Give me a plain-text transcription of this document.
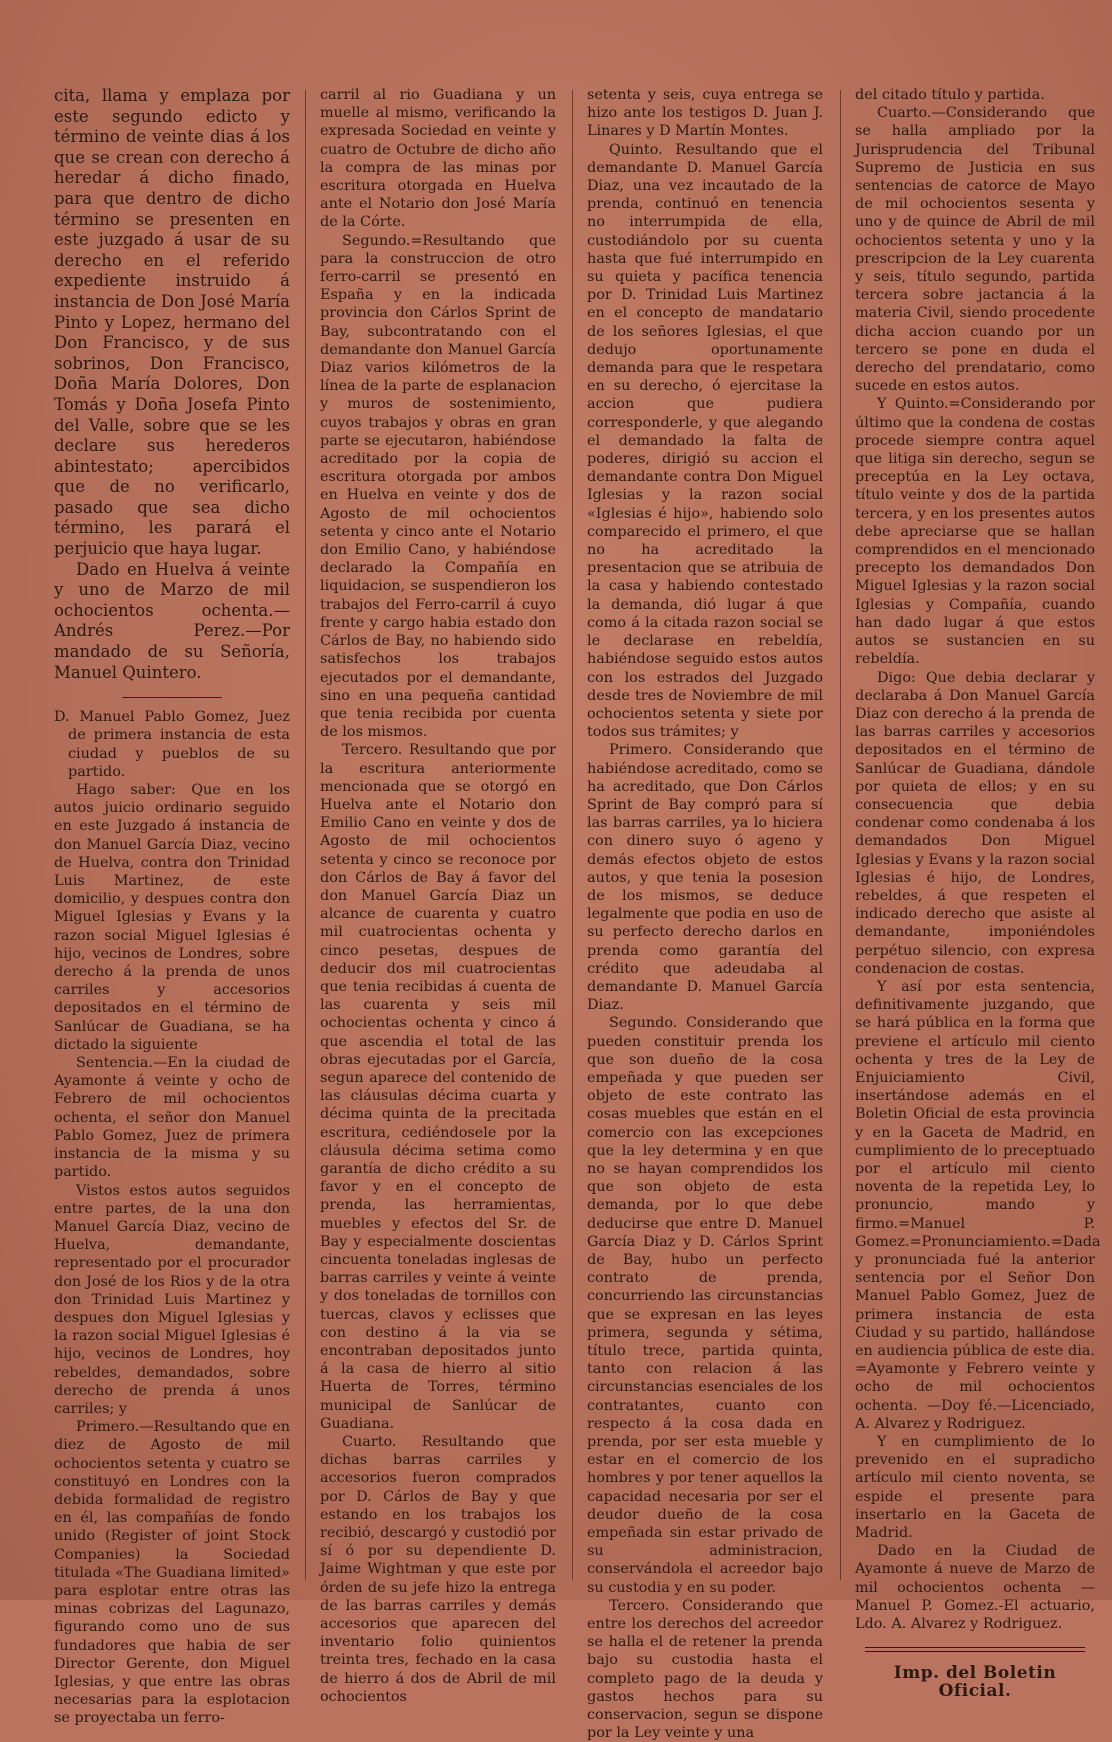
cita, llama y emplaza por este segundo edicto y término de veinte dias á los que se crean con derecho á heredar á dicho finado, para que dentro de dicho término se presenten en este juzgado á usar de su derecho en el referido expediente instruido á instancia de Don José María Pinto y Lopez, hermano del Don Francisco, y de sus sobrinos, Don Francisco, Doña María Dolores, Don Tomás y Doña Josefa Pinto del Valle, sobre que se les declare sus herederos abintestato; apercibidos que de no verificarlo, pasado que sea dicho término, les parará el perjuicio que haya lugar.

Dado en Huelva á veinte y uno de Marzo de mil ochocientos ochenta.—Andrés Perez.—Por mandado de su Señoría, Manuel Quintero.

D. Manuel Pablo Gomez, Juez de primera instancia de esta ciudad y pueblos de su partido.

Hago saber: Que en los autos juicio ordinario seguido en este Juzgado á instancia de don Manuel García Diaz, vecino de Huelva, contra don Trinidad Luis Martinez, de este domicilio, y despues contra don Miguel Iglesias y Evans y la razon social Miguel Iglesias é hijo, vecinos de Londres, sobre derecho á la prenda de unos carriles y accesorios depositados en el término de Sanlúcar de Guadiana, se ha dictado la siguiente

Sentencia.—En la ciudad de Ayamonte á veinte y ocho de Febrero de mil ochocientos ochenta, el señor don Manuel Pablo Gomez, Juez de primera instancia de la misma y su partido.

Vistos estos autos seguidos entre partes, de la una don Manuel García Diaz, vecino de Huelva, demandante, representado por el procurador don José de los Rios y de la otra don Trinidad Luis Martinez y despues don Miguel Iglesias y la razon social Miguel Iglesias é hijo, vecinos de Londres, hoy rebeldes, demandados, sobre derecho de prenda á unos carriles; y

Primero.—Resultando que en diez de Agosto de mil ochocientos setenta y cuatro se constituyó en Londres con la debida formalidad de registro en él, las compañías de fondo unido (Register of joint Stock Companies) la Sociedad titulada «The Guadiana limited» para esplotar entre otras las minas cobrizas del Lagunazo, figurando como uno de sus fundadores que habia de ser Director Gerente, don Miguel Iglesias, y que entre las obras necesarias para la esplotacion se proyectaba un ferro-

carril al rio Guadiana y un muelle al mismo, verificando la expresada Sociedad en veinte y cuatro de Octubre de dicho año la compra de las minas por escritura otorgada en Huelva ante el Notario don José María de la Córte.

Segundo.=Resultando que para la construccion de otro ferro-carril se presentó en España y en la indicada provincia don Cárlos Sprint de Bay, subcontratando con el demandante don Manuel García Diaz varios kilómetros de la línea de la parte de esplanacion y muros de sostenimiento, cuyos trabajos y obras en gran parte se ejecutaron, habiéndose acreditado por la copia de escritura otorgada por ambos en Huelva en veinte y dos de Agosto de mil ochocientos setenta y cinco ante el Notario don Emilio Cano, y habiéndose declarado la Compañía en liquidacion, se suspendieron los trabajos del Ferro-carril á cuyo frente y cargo habia estado don Cárlos de Bay, no habiendo sido satisfechos los trabajos ejecutados por el demandante, sino en una pequeña cantidad que tenia recibida por cuenta de los mismos.

Tercero. Resultando que por la escritura anteriormente mencionada que se otorgó en Huelva ante el Notario don Emilio Cano en veinte y dos de Agosto de mil ochocientos setenta y cinco se reconoce por don Cárlos de Bay á favor del don Manuel García Diaz un alcance de cuarenta y cuatro mil cuatrocientas ochenta y cinco pesetas, despues de deducir dos mil cuatrocientas que tenia recibidas á cuenta de las cuarenta y seis mil ochocientas ochenta y cinco á que ascendia el total de las obras ejecutadas por el García, segun aparece del contenido de las cláusulas décima cuarta y décima quinta de la precitada escritura, cediéndosele por la cláusula décima setima como garantía de dicho crédito a su favor y en el concepto de prenda, las herramientas, muebles y efectos del Sr. de Bay y especialmente doscientas cincuenta toneladas inglesas de barras carriles y veinte á veinte y dos toneladas de tornillos con tuercas, clavos y eclisses que con destino á la via se encontraban depositados junto á la casa de hierro al sitio Huerta de Torres, término municipal de Sanlúcar de Guadiana.

Cuarto. Resultando que dichas barras carriles y accesorios fueron comprados por D. Cárlos de Bay y que estando en los trabajos los recibió, descargó y custodió por sí ó por su dependiente D. Jaime Wightman y que este por órden de su jefe hizo la entrega de las barras carriles y demás accesorios que aparecen del inventario folio quinientos treinta tres, fechado en la casa de hierro á dos de Abril de mil ochocientos

setenta y seis, cuya entrega se hizo ante los testigos D. Juan J. Linares y D Martín Montes.

Quinto. Resultando que el demandante D. Manuel García Diaz, una vez incautado de la prenda, continuó en tenencia no interrumpida de ella, custodiándolo por su cuenta hasta que fué interrumpido en su quieta y pacífica tenencia por D. Trinidad Luis Martinez en el concepto de mandatario de los señores Iglesias, el que dedujo oportunamente demanda para que le respetara en su derecho, ó ejercitase la accion que pudiera corresponderle, y que alegando el demandado la falta de poderes, dirigió su accion el demandante contra Don Miguel Iglesias y la razon social «Iglesias é hijo», habiendo solo comparecido el primero, el que no ha acreditado la presentacion que se atribuia de la casa y habiendo contestado la demanda, dió lugar á que como á la citada razon social se le declarase en rebeldía, habiéndose seguido estos autos con los estrados del Juzgado desde tres de Noviembre de mil ochocientos setenta y siete por todos sus trámites; y

Primero. Considerando que habiéndose acreditado, como se ha acreditado, que Don Cárlos Sprint de Bay compró para sí las barras carriles, ya lo hiciera con dinero suyo ó ageno y demás efectos objeto de estos autos, y que tenia la posesion de los mismos, se deduce legalmente que podia en uso de su perfecto derecho darlos en prenda como garantía del crédito que adeudaba al demandante D. Manuel García Diaz.

Segundo. Considerando que pueden constituir prenda los que son dueño de la cosa empeñada y que pueden ser objeto de este contrato las cosas muebles que están en el comercio con las excepciones que la ley determina y en que no se hayan comprendidos los que son objeto de esta demanda, por lo que debe deducirse que entre D. Manuel García Diaz y D. Cárlos Sprint de Bay, hubo un perfecto contrato de prenda, concurriendo las circunstancias que se expresan en las leyes primera, segunda y sétima, título trece, partida quinta, tanto con relacion á las circunstancias esenciales de los contratantes, cuanto con respecto á la cosa dada en prenda, por ser esta mueble y estar en el comercio de los hombres y por tener aquellos la capacidad necesaria por ser el deudor dueño de la cosa empeñada sin estar privado de su administracion, conservándola el acreedor bajo su custodia y en su poder.

Tercero. Considerando que entre los derechos del acreedor se halla el de retener la prenda bajo su custodia hasta el completo pago de la deuda y gastos hechos para su conservacion, segun se dispone por la Ley veinte y una

del citado título y partida.

Cuarto.—Considerando que se halla ampliado por la Jurisprudencia del Tribunal Supremo de Justicia en sus sentencias de catorce de Mayo de mil ochocientos sesenta y uno y de quince de Abril de mil ochocientos setenta y uno y la prescripcion de la Ley cuarenta y seis, título segundo, partida tercera sobre jactancia á la materia Civil, siendo procedente dicha accion cuando por un tercero se pone en duda el derecho del prendatario, como sucede en estos autos.

Y Quinto.=Considerando por último que la condena de costas procede siempre contra aquel que litiga sin derecho, segun se preceptúa en la Ley octava, título veinte y dos de la partida tercera, y en los presentes autos debe apreciarse que se hallan comprendidos en el mencionado precepto los demandados Don Miguel Iglesias y la razon social Iglesias y Compañía, cuando han dado lugar á que estos autos se sustancien en su rebeldía.

Digo: Que debia declarar y declaraba á Don Manuel García Diaz con derecho á la prenda de las barras carriles y accesorios depositados en el término de Sanlúcar de Guadiana, dándole por quieta de ellos; y en su consecuencia que debia condenar como condenaba á los demandados Don Miguel Iglesias y Evans y la razon social Iglesias é hijo, de Londres, rebeldes, á que respeten el indicado derecho que asiste al demandante, imponiéndoles perpétuo silencio, con expresa condenacion de costas.

Y así por esta sentencia, definitivamente juzgando, que se hará pública en la forma que previene el artículo mil ciento ochenta y tres de la Ley de Enjuiciamiento Civil, insertándose además en el Boletin Oficial de esta provincia y en la Gaceta de Madrid, en cumplimiento de lo preceptuado por el artículo mil ciento noventa de la repetida Ley, lo pronuncio, mando y firmo.=Manuel P. Gomez.=Pronunciamiento.=Dada y pronunciada fué la anterior sentencia por el Señor Don Manuel Pablo Gomez, Juez de primera instancia de esta Ciudad y su partido, hallándose en audiencia pública de este dia. =Ayamonte y Febrero veinte y ocho de mil ochocientos ochenta. —Doy fé.—Licenciado, A. Alvarez y Rodriguez.

Y en cumplimiento de lo prevenido en el supradicho artículo mil ciento noventa, se espide el presente para insertarlo en la Gaceta de Madrid.

Dado en la Ciudad de Ayamonte á nueve de Marzo de mil ochocientos ochenta — Manuel P. Gomez.-El actuario, Ldo. A. Alvarez y Rodriguez.

Imp. del Boletin Oficial.
